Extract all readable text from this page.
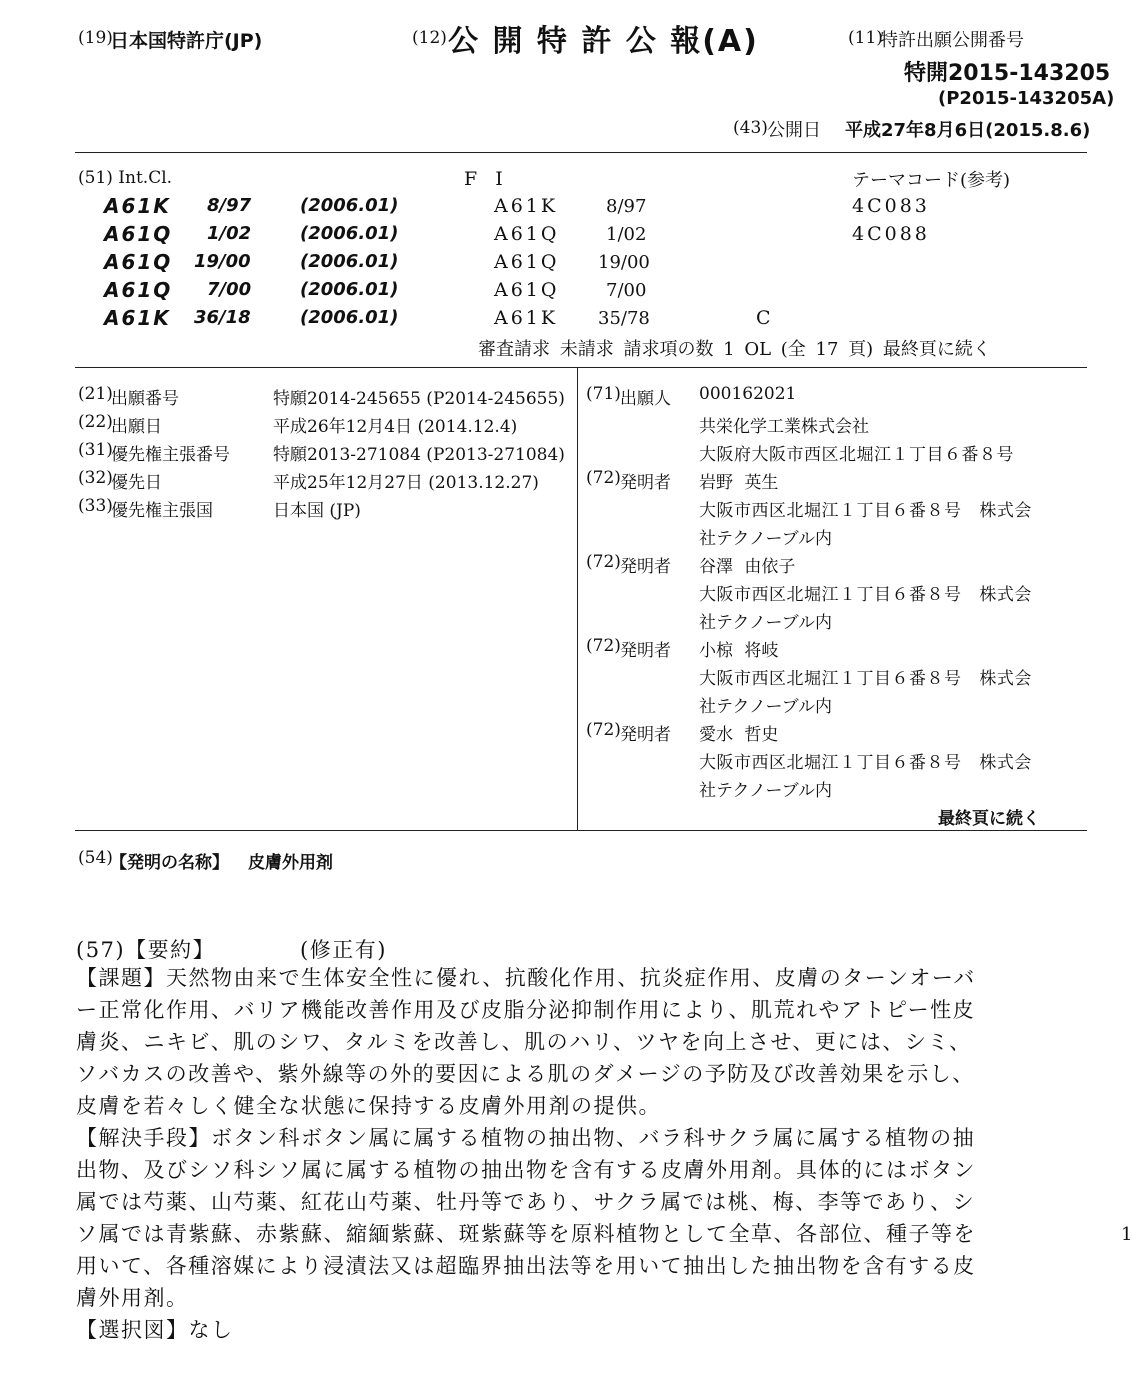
(19)
日本国特許庁(JP)	(12) 公 開 特 許 公 報(A)	(11)
特許出願公開番号
特開2015-143205
(P2015-143205A)
(43) 公開日 平成27年8月6日(2015.8.6)
(51) Int.Cl.	F I	テーマコード(参考)
A61K 8/97	(2006.01)	A61K	8/97	4C083
A61Q 1/02	(2006.01)	A61Q	1/02	4C088
A61Q 19/00	(2006.01)	A61Q 19/00
A61Q 7/00	(2006.01)	A61Q	7/00
A61K 36/18	(2006.01)	A61K 35/78	C
審査請求 未請求 請求項の数 1 OL (全 17 頁) 最終頁に続く
(21)
出願番号	特願2014-245655 (P2014-245655)
(22)
出願日	平成26年12月4日 (2014.12.4)
(31)
優先権主張番号	特願2013-271084 (P2013-271084)
(32)
優先日	平成25年12月27日 (2013.12.27)
(33)
優先権主張国	日本国 (JP)
(71) 出願人 000162021
共栄化学工業株式会社
大阪府大阪市西区北堀江１丁目６番８号
(72) 発明者 岩野 英生
大阪市西区北堀江１丁目６番８号 株式会
社テクノーブル内
(72) 発明者 谷澤 由依子
大阪市西区北堀江１丁目６番８号 株式会
社テクノーブル内
(72) 発明者 小椋 将岐
大阪市西区北堀江１丁目６番８号 株式会
社テクノーブル内
(72) 発明者 愛水 哲史
大阪市西区北堀江１丁目６番８号 株式会
社テクノーブル内
最終頁に続く
(54)
【発明の名称】 皮膚外用剤
(57)【要約】	(修正有)
【課題】天然物由来で生体安全性に優れ、抗酸化作用、抗炎症作用、皮膚のターンオーバ
ー正常化作用、バリア機能改善作用及び皮脂分泌抑制作用により、肌荒れやアトピー性皮
膚炎、ニキビ、肌のシワ、タルミを改善し、肌のハリ、ツヤを向上させ、更には、シミ、
ソバカスの改善や、紫外線等の外的要因による肌のダメージの予防及び改善効果を示し、
皮膚を若々しく健全な状態に保持する皮膚外用剤の提供。
【解決手段】ボタン科ボタン属に属する植物の抽出物、バラ科サクラ属に属する植物の抽
出物、及びシソ科シソ属に属する植物の抽出物を含有する皮膚外用剤。具体的にはボタン
属では芍薬、山芍薬、紅花山芍薬、牡丹等であり、サクラ属では桃、梅、李等であり、シ
ソ属では青紫蘇、赤紫蘇、縮緬紫蘇、斑紫蘇等を原料植物として全草、各部位、種子等を
用いて、各種溶媒により浸漬法又は超臨界抽出法等を用いて抽出した抽出物を含有する皮
膚外用剤。
【選択図】なし
1
